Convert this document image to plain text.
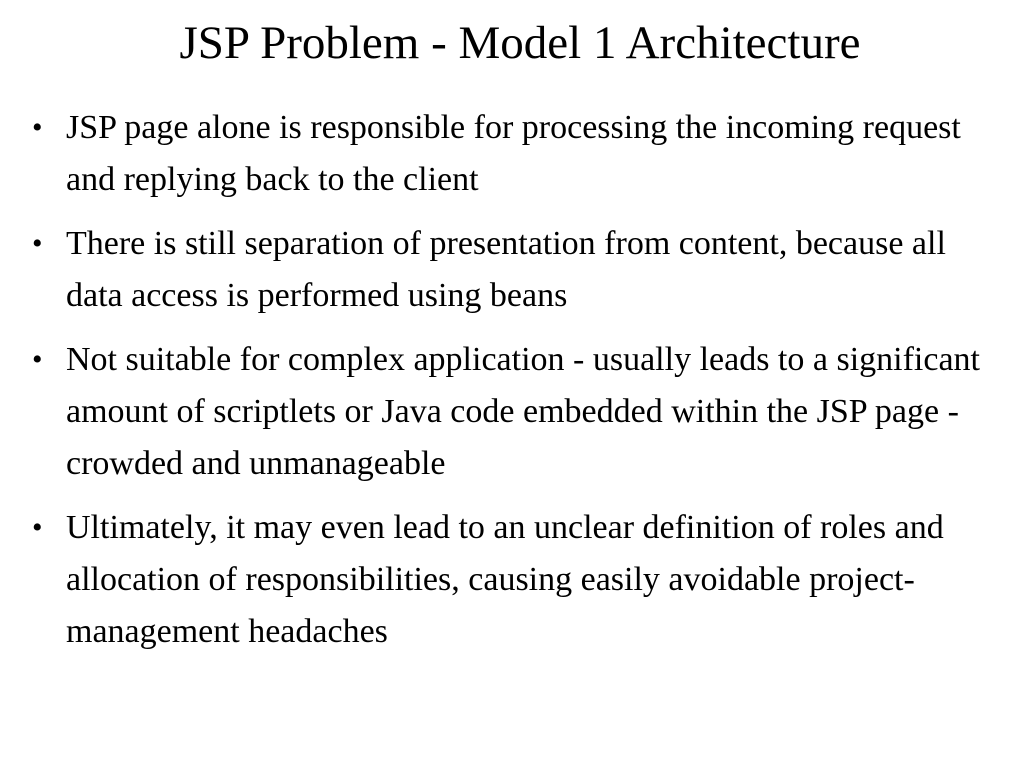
JSP Problem - Model 1 Architecture
• JSP page alone is responsible for processing the incoming request and replying back to the client
• There is still separation of presentation from content, because all data access is performed using beans
• Not suitable for complex application - usually leads to a significant amount of scriptlets or Java code embedded within the JSP page - crowded and unmanageable
• Ultimately, it may even lead to an unclear definition of roles and allocation of responsibilities, causing easily avoidable project-management headaches
